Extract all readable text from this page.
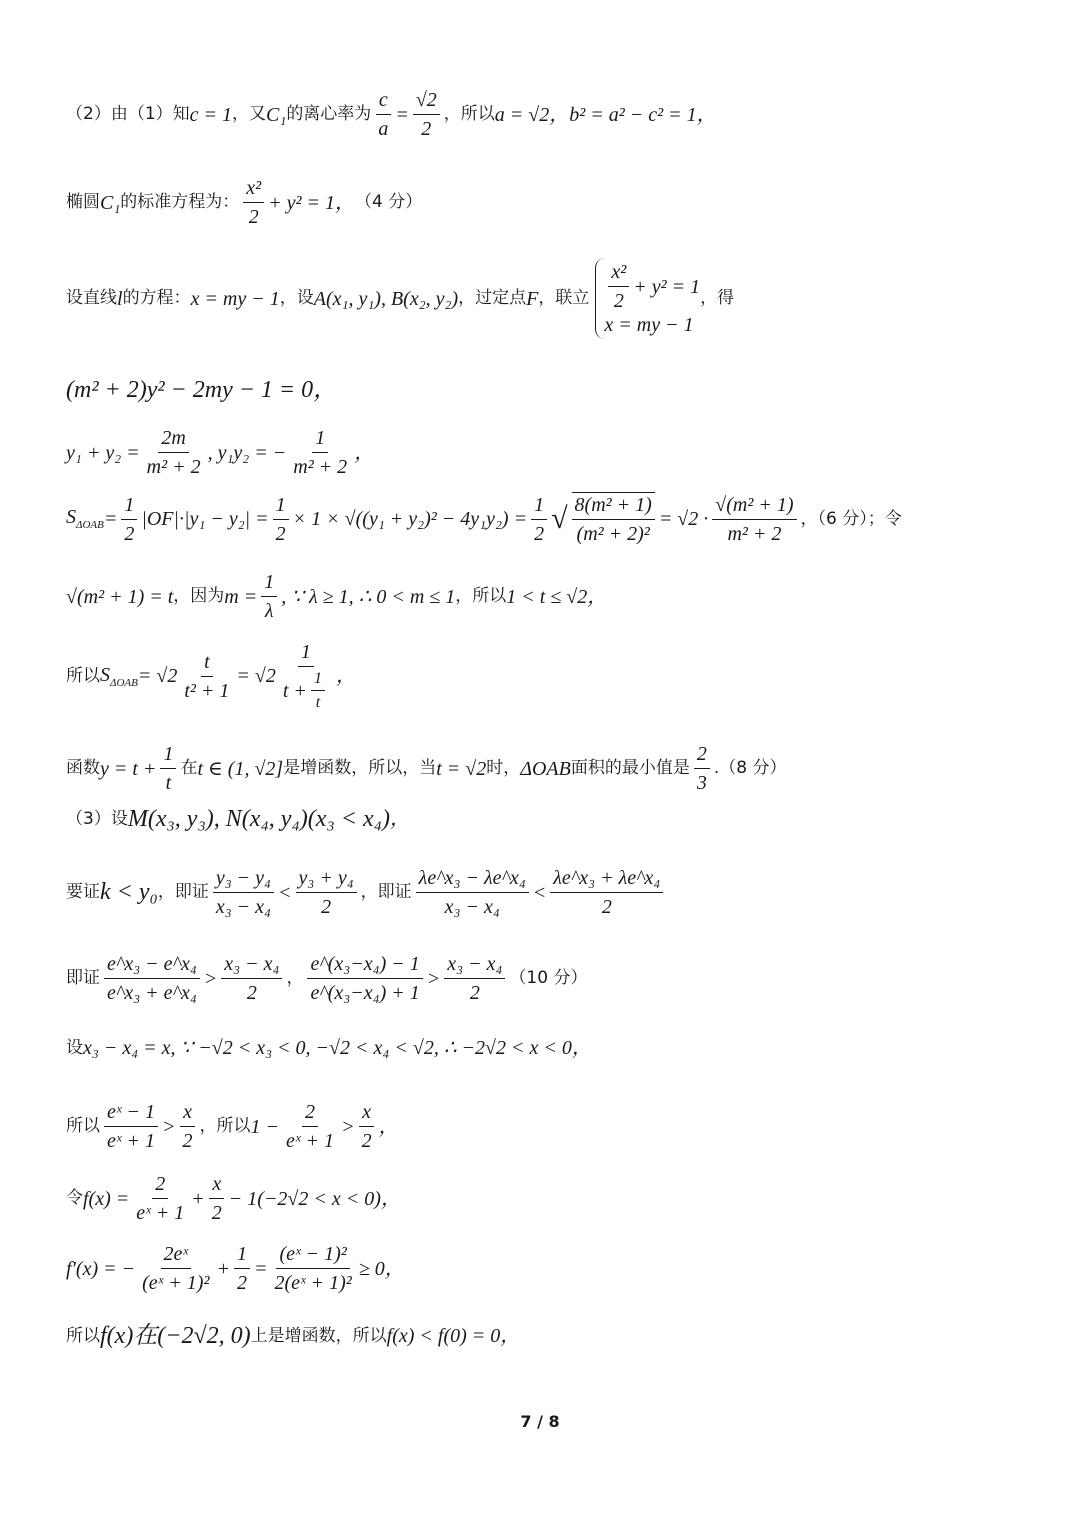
（2）由（1）知 c = 1 ，又 C₁ 的离心率为 $\frac{c}{a} = \frac{√2}{2}$ ，所以 a = √2 ，b² = a² − c² = 1，
椭圆 C₁ 的标准方程为： $\frac{\text{x²}}{2} + y^2 = 1$， （4 分）
设直线 l 的方程： x = my − 1 ，设 A(x₁, y₁), B(x₂, y₂) ，过定点 F ，联立 $\frac{\text{x²}}{2} + y^2 = 1$
x = my − 1
，得
(m² + 2)y² − 2my − 1 = 0，
$y_1 + y_2 = \frac{2m}{\text{m² + 2}}$ , y₁y₂ = − $\frac{1}{\text{m² + 2}}$ ，
$S_{\Delta OAB} = \frac{1}{2} |OF|\cdot|y_1 - y_2| = \frac{1}{2} \times 1 \times √((y_1 + y_2)^2 - 4y_1y_2) = \frac{1}{2}$ √ $\frac{\text{8(m² + 1)}}{\text{(m² + 2)²}} = √2 \cdot \frac{\text{√(m² + 1)}}{\text{m² + 2}}$ ，（6 分）；令
√(m² + 1) = t ，因为 $m = \frac{1}{\lambda}$ , ∵ λ ≥ 1, ∴ 0 < m ≤ 1 ，所以 1 < t ≤ √2，
所以 $S_{\Delta OAB} = √2 \frac{t}{\text{t² + 1}} = √2 \frac{1}{t + \frac{1}{t}}$ ，
函数 $y = t + \frac{1}{t}$ 在 t ∈ (1, √2] 是增函数，所以，当 t = √2 时， ΔOAB 面积的最小值是 $\frac{2}{3} .(8$ 分）
（3）设 M(x₃, y₃), N(x₄, y₄)(x₃ < x₄) ，
要证 k < y₀ ，即证 $\frac{\text{y₃ − y₄}}{\text{x₃ − x₄}} < \frac{\text{y₃ + y₄}}{2}$ ，即证 $\frac{\text{λe\textasciicircum{}x₃ − λe\textasciicircum{}x₄}}{\text{x₃ − x₄}} < \frac{\text{λe\textasciicircum{}x₃ + λe\textasciicircum{}x₄}}{2}$
即证 $\frac{\text{e\textasciicircum{}x₃ − e\textasciicircum{}x₄}}{\text{e\textasciicircum{}x₃ + e\textasciicircum{}x₄}} > \frac{\text{x₃ − x₄}}{2}$ ， $\frac{\text{e\textasciicircum{}(x₃−x₄) − 1}}{\text{e\textasciicircum{}(x₃−x₄) + 1}} > \frac{\text{x₃ − x₄}}{2} (10$ 分）
设 x₃ − x₄ = x, ∵ −√2 < x₃ < 0, −√2 < x₄ < √2, ∴ −2√2 < x < 0，
所以 $\frac{\text{eˣ − 1}}{\text{eˣ + 1}} > \frac{x}{2}$ ，所以 $1 - \frac{2}{\text{eˣ + 1}} > \frac{x}{2}$ ，
令 $f(x) = \frac{2}{\text{eˣ + 1}} + \frac{x}{2} - 1(-2√2 < x < 0)$，
f′(x) = − $\frac{\text{2eˣ}}{\text{(eˣ + 1)²}} + \frac{1}{2} = \frac{\text{(eˣ − 1)²}}{\text{2(eˣ + 1)²}} \ge 0$，
所以 f(x)在(−2√2, 0) 上是增函数，所以 f(x) < f(0) = 0 ，
7 / 8
